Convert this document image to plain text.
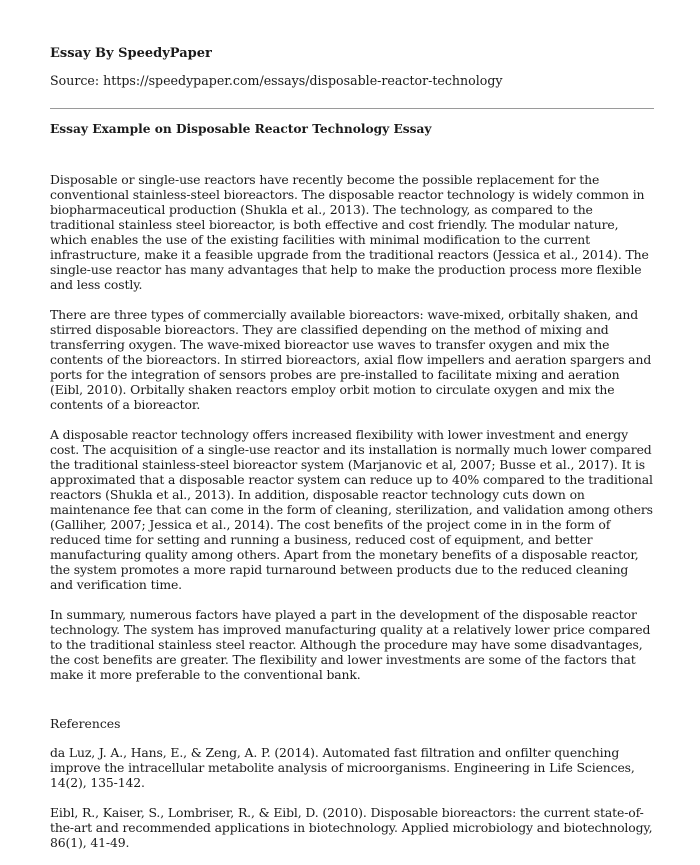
Essay By SpeedyPaper
Source: https://speedypaper.com/essays/disposable-reactor-technology
Essay Example on Disposable Reactor Technology Essay

Disposable or single-use reactors have recently become the possible replacement for the conventional stainless-steel bioreactors. The disposable reactor technology is widely common in biopharmaceutical production (Shukla et al., 2013). The technology, as compared to the traditional stainless steel bioreactor, is both effective and cost friendly. The modular nature, which enables the use of the existing facilities with minimal modification to the current infrastructure, make it a feasible upgrade from the traditional reactors (Jessica et al., 2014). The single-use reactor has many advantages that help to make the production process more flexible and less costly.

There are three types of commercially available bioreactors: wave-mixed, orbitally shaken, and stirred disposable bioreactors. They are classified depending on the method of mixing and transferring oxygen. The wave-mixed bioreactor use waves to transfer oxygen and mix the contents of the bioreactors. In stirred bioreactors, axial flow impellers and aeration spargers and ports for the integration of sensors probes are pre-installed to facilitate mixing and aeration (Eibl, 2010). Orbitally shaken reactors employ orbit motion to circulate oxygen and mix the contents of a bioreactor.

A disposable reactor technology offers increased flexibility with lower investment and energy cost. The acquisition of a single-use reactor and its installation is normally much lower compared the traditional stainless-steel bioreactor system (Marjanovic et al, 2007; Busse et al., 2017). It is approximated that a disposable reactor system can reduce up to 40% compared to the traditional reactors (Shukla et al., 2013). In addition, disposable reactor technology cuts down on maintenance fee that can come in the form of cleaning, sterilization, and validation among others (Galliher, 2007; Jessica et al., 2014). The cost benefits of the project come in in the form of reduced time for setting and running a business, reduced cost of equipment, and better manufacturing quality among others. Apart from the monetary benefits of a disposable reactor, the system promotes a more rapid turnaround between products due to the reduced cleaning and verification time.

In summary, numerous factors have played a part in the development of the disposable reactor technology. The system has improved manufacturing quality at a relatively lower price compared to the traditional stainless steel reactor. Although the procedure may have some disadvantages, the cost benefits are greater. The flexibility and lower investments are some of the factors that make it more preferable to the conventional bank.

References

da Luz, J. A., Hans, E., & Zeng, A. P. (2014). Automated fast filtration and onfilter quenching improve the intracellular metabolite analysis of microorganisms. Engineering in Life Sciences, 14(2), 135-142.

Eibl, R., Kaiser, S., Lombriser, R., & Eibl, D. (2010). Disposable bioreactors: the current state-of-the-art and recommended applications in biotechnology. Applied microbiology and biotechnology, 86(1), 41-49.
